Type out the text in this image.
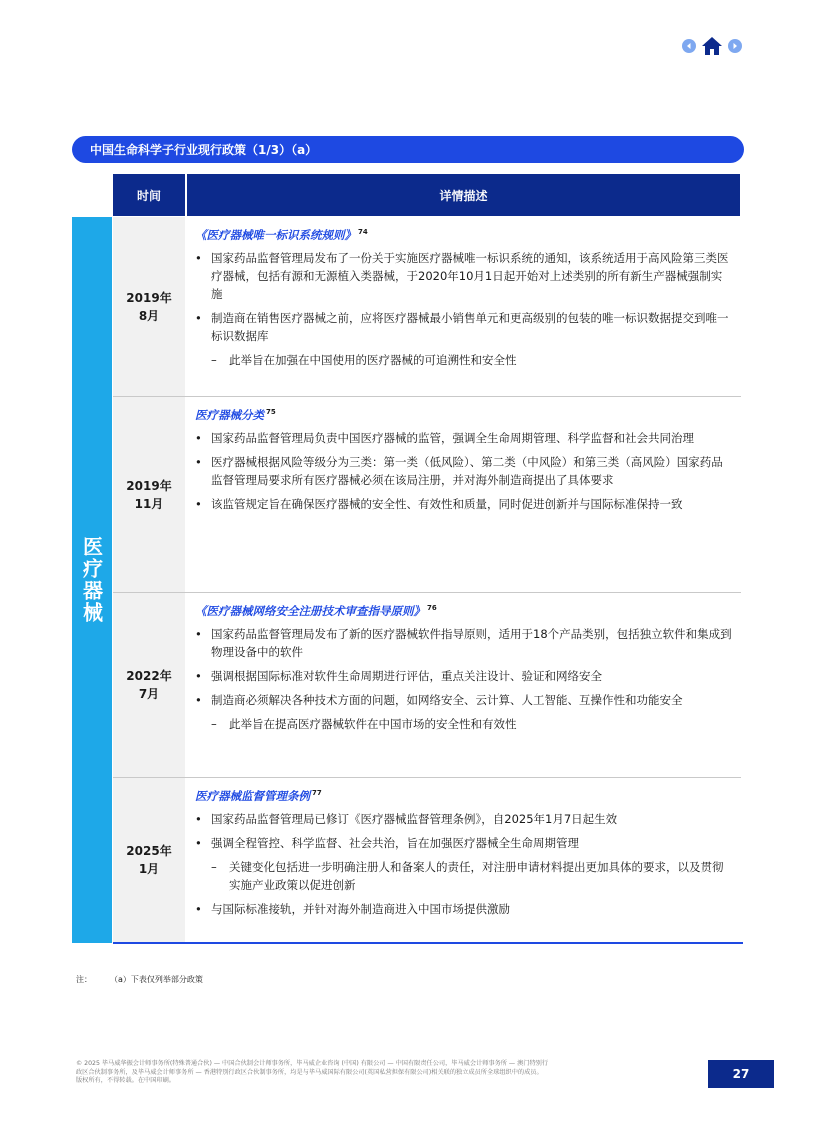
中国生命科学子行业现行政策（1/3）（a）
时间	详情描述
医疗器械
2019年
8月
《医疗器械唯一标识系统规则》 $^{74}$
• 国家药品监督管理局发布了一份关于实施医疗器械唯一标识系统的通知，该系统适用于高风险第三类医疗器械，包括有源和无源植入类器械，于2020年10月1日起开始对上述类别的所有新生产器械强制实施
• 制造商在销售医疗器械之前，应将医疗器械最小销售单元和更高级别的包装的唯一标识数据提交到唯一标识数据库
– 此举旨在加强在中国使用的医疗器械的可追溯性和安全性
2019年
11月
医疗器械分类 $^{75}$
• 国家药品监督管理局负责中国医疗器械的监管，强调全生命周期管理、科学监督和社会共同治理
• 医疗器械根据风险等级分为三类：第一类（低风险）、第二类（中风险）和第三类（高风险）国家药品监督管理局要求所有医疗器械必须在该局注册，并对海外制造商提出了具体要求
• 该监管规定旨在确保医疗器械的安全性、有效性和质量，同时促进创新并与国际标准保持一致
2022年
7月
《医疗器械网络安全注册技术审查指导原则》 $^{76}$
• 国家药品监督管理局发布了新的医疗器械软件指导原则，适用于18个产品类别，包括独立软件和集成到物理设备中的软件
• 强调根据国际标准对软件生命周期进行评估，重点关注设计、验证和网络安全
• 制造商必须解决各种技术方面的问题，如网络安全、云计算、人工智能、互操作性和功能安全
– 此举旨在提高医疗器械软件在中国市场的安全性和有效性
2025年
1月
医疗器械监督管理条例 $^{77}$
• 国家药品监督管理局已修订《医疗器械监督管理条例》，自2025年1月7日起生效
• 强调全程管控、科学监督、社会共治，旨在加强医疗器械全生命周期管理
– 关键变化包括进一步明确注册人和备案人的责任，对注册申请材料提出更加具体的要求，以及贯彻实施产业政策以促进创新
• 与国际标准接轨，并针对海外制造商进入中国市场提供激励
注： （a）下表仅列举部分政策
© 2025 毕马威华振会计师事务所(特殊普通合伙) — 中国合伙制会计师事务所，毕马威企业咨询 (中国) 有限公司 — 中国有限责任公司，毕马威会计师事务所 — 澳门特别行
政区合伙制事务所，及毕马威会计师事务所 — 香港特别行政区合伙制事务所，均是与毕马威国际有限公司(英国私营担保有限公司)相关联的独立成员所全球组织中的成员。
版权所有，不得转载。在中国印刷。	27
